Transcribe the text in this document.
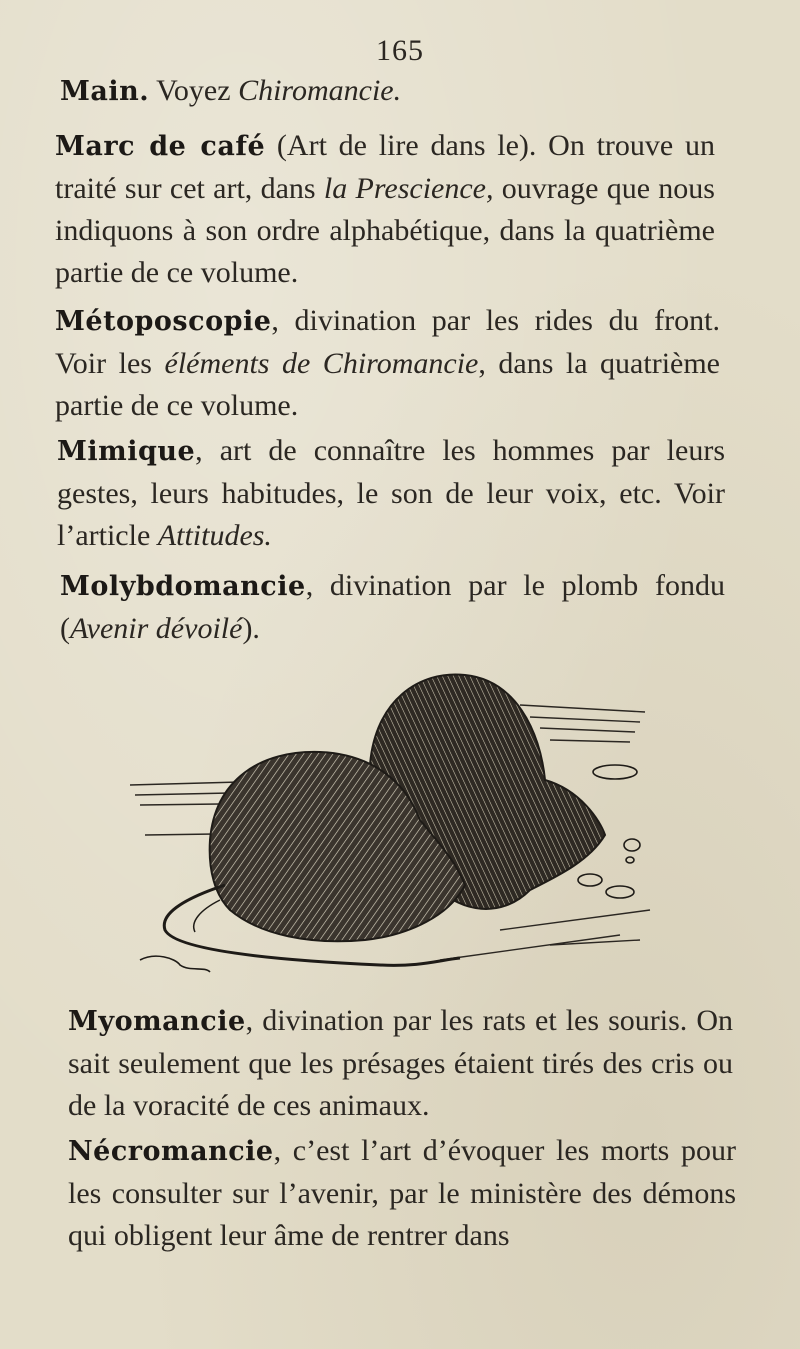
165

Main. Voyez Chiromancie.

Marc de café (Art de lire dans le). On trouve un traité sur cet art, dans la Prescience, ouvrage que nous indiquons à son ordre alphabétique, dans la quatrième partie de ce volume.

Métoposcopie, divination par les rides du front. Voir les éléments de Chiromancie, dans la quatrième partie de ce volume.

Mimique, art de connaître les hommes par leurs gestes, leurs habitudes, le son de leur voix, etc. Voir l’article Attitudes.

Molybdomancie, divination par le plomb fondu (Avenir dévoilé).

Myomancie, divination par les rats et les souris. On sait seulement que les présages étaient tirés des cris ou de la voracité de ces animaux.

Nécromancie, c’est l’art d’évoquer les morts pour les consulter sur l’avenir, par le ministère des démons qui obligent leur âme de rentrer dans
